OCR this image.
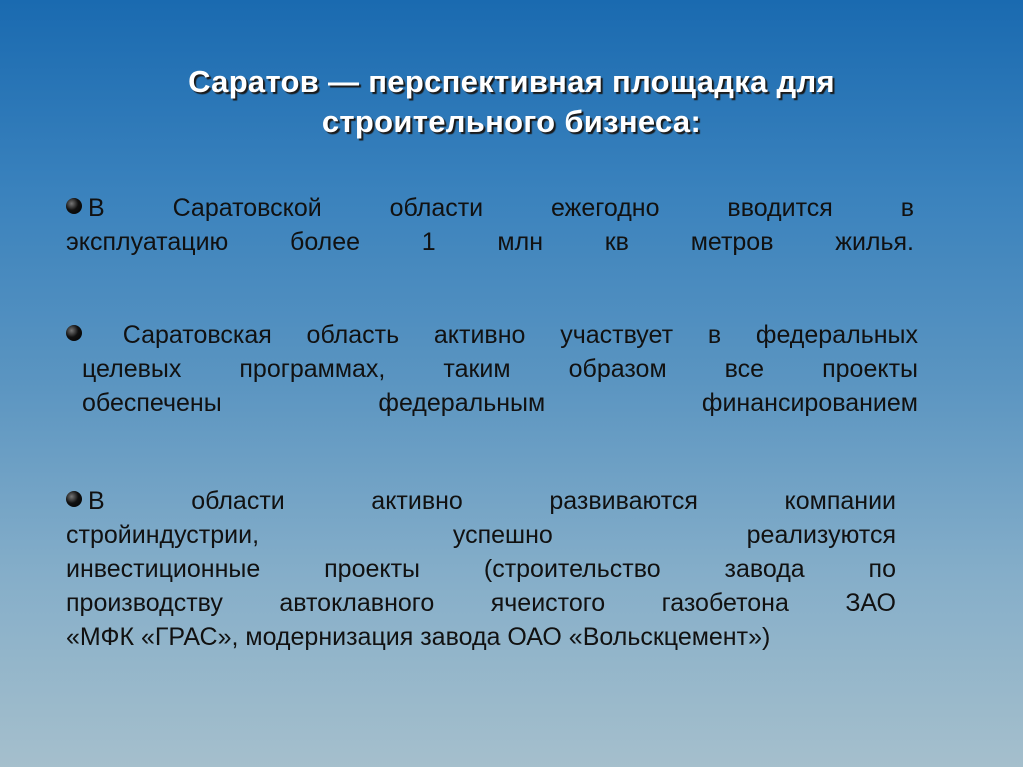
Саратов — перспективная площадка для
строительного бизнеса:
В Саратовской области ежегодно вводится в
эксплуатацию более 1 млн кв метров жилья.
Саратовская область активно участвует в федеральных
целевых программах, таким образом все проекты
обеспечены федеральным финансированием
В области активно развиваются компании
стройиндустрии, успешно реализуются
инвестиционные проекты (строительство завода по
производству автоклавного ячеистого газобетона ЗАО
«МФК «ГРАС», модернизация завода ОАО «Вольскцемент»)
